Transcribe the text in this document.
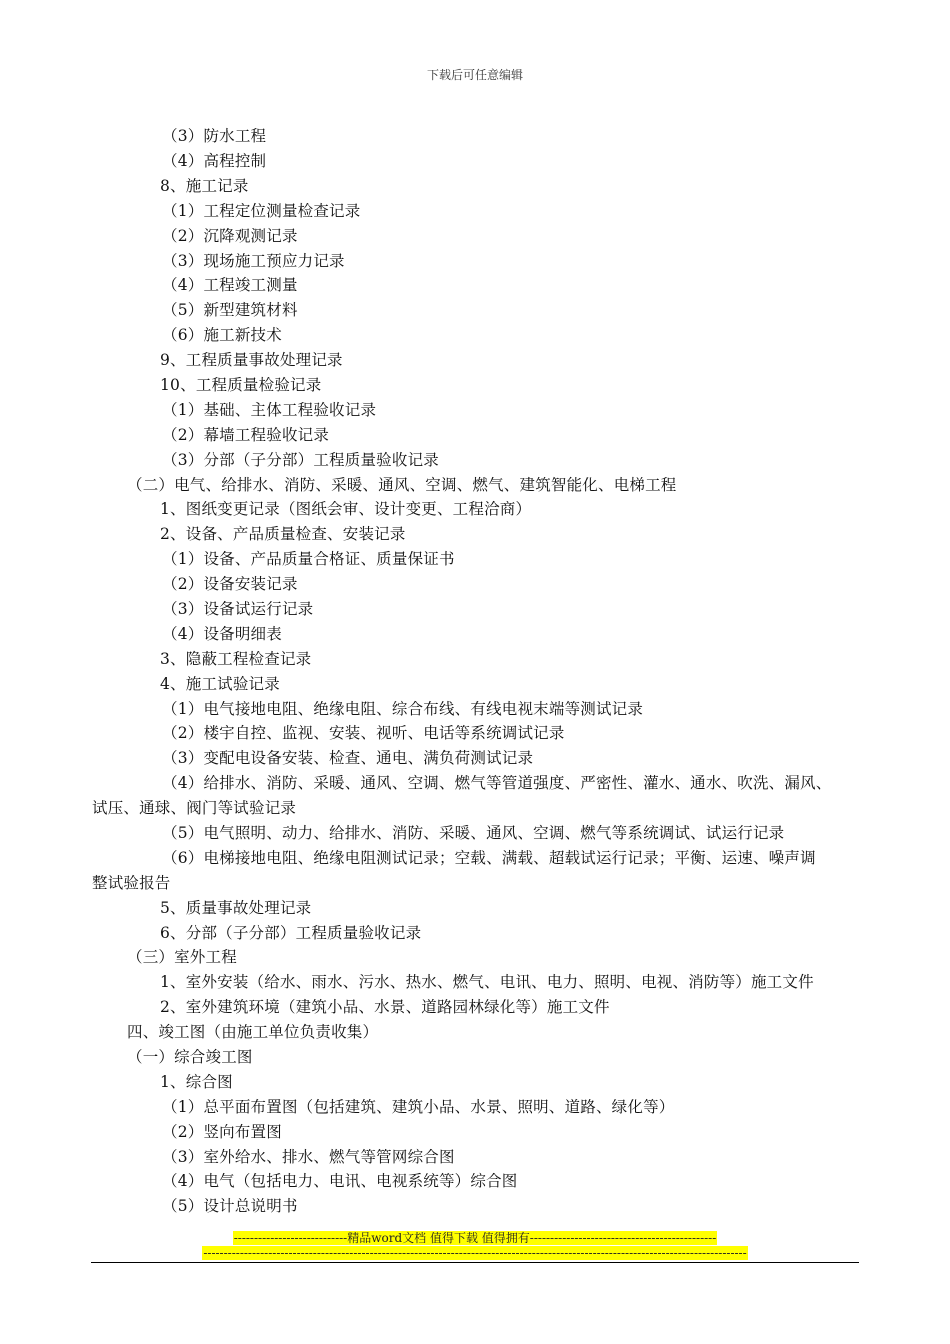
下载后可任意编辑
（3）防水工程
（4）高程控制
8、施工记录
（1）工程定位测量检查记录
（2）沉降观测记录
（3）现场施工预应力记录
（4）工程竣工测量
（5）新型建筑材料
（6）施工新技术
9、工程质量事故处理记录
10、工程质量检验记录
（1）基础、主体工程验收记录
（2）幕墙工程验收记录
（3）分部（子分部）工程质量验收记录
（二）电气、给排水、消防、采暖、通风、空调、燃气、建筑智能化、电梯工程
1、图纸变更记录（图纸会审、设计变更、工程洽商）
2、设备、产品质量检查、安装记录
（1）设备、产品质量合格证、质量保证书
（2）设备安装记录
（3）设备试运行记录
（4）设备明细表
3、隐蔽工程检查记录
4、施工试验记录
（1）电气接地电阻、绝缘电阻、综合布线、有线电视末端等测试记录
（2）楼宇自控、监视、安装、视听、电话等系统调试记录
（3）变配电设备安装、检查、通电、满负荷测试记录
（4）给排水、消防、采暖、通风、空调、燃气等管道强度、严密性、灌水、通水、吹洗、漏风、
试压、通球、阀门等试验记录
（5）电气照明、动力、给排水、消防、采暖、通风、空调、燃气等系统调试、试运行记录
（6）电梯接地电阻、绝缘电阻测试记录；空载、满载、超载试运行记录；平衡、运速、噪声调
整试验报告
5、质量事故处理记录
6、分部（子分部）工程质量验收记录
（三）室外工程
1、室外安装（给水、雨水、污水、热水、燃气、电讯、电力、照明、电视、消防等）施工文件
2、室外建筑环境（建筑小品、水景、道路园林绿化等）施工文件
四、竣工图（由施工单位负责收集）
（一）综合竣工图
1、综合图
（1）总平面布置图（包括建筑、建筑小品、水景、照明、道路、绿化等）
（2）竖向布置图
（3）室外给水、排水、燃气等管网综合图
（4）电气（包括电力、电讯、电视系统等）综合图
（5）设计总说明书
----------------------------精品word文档 值得下载 值得拥有----------------------------------------------
--------------------------------------------------------------------------------------------------------------------------------------
